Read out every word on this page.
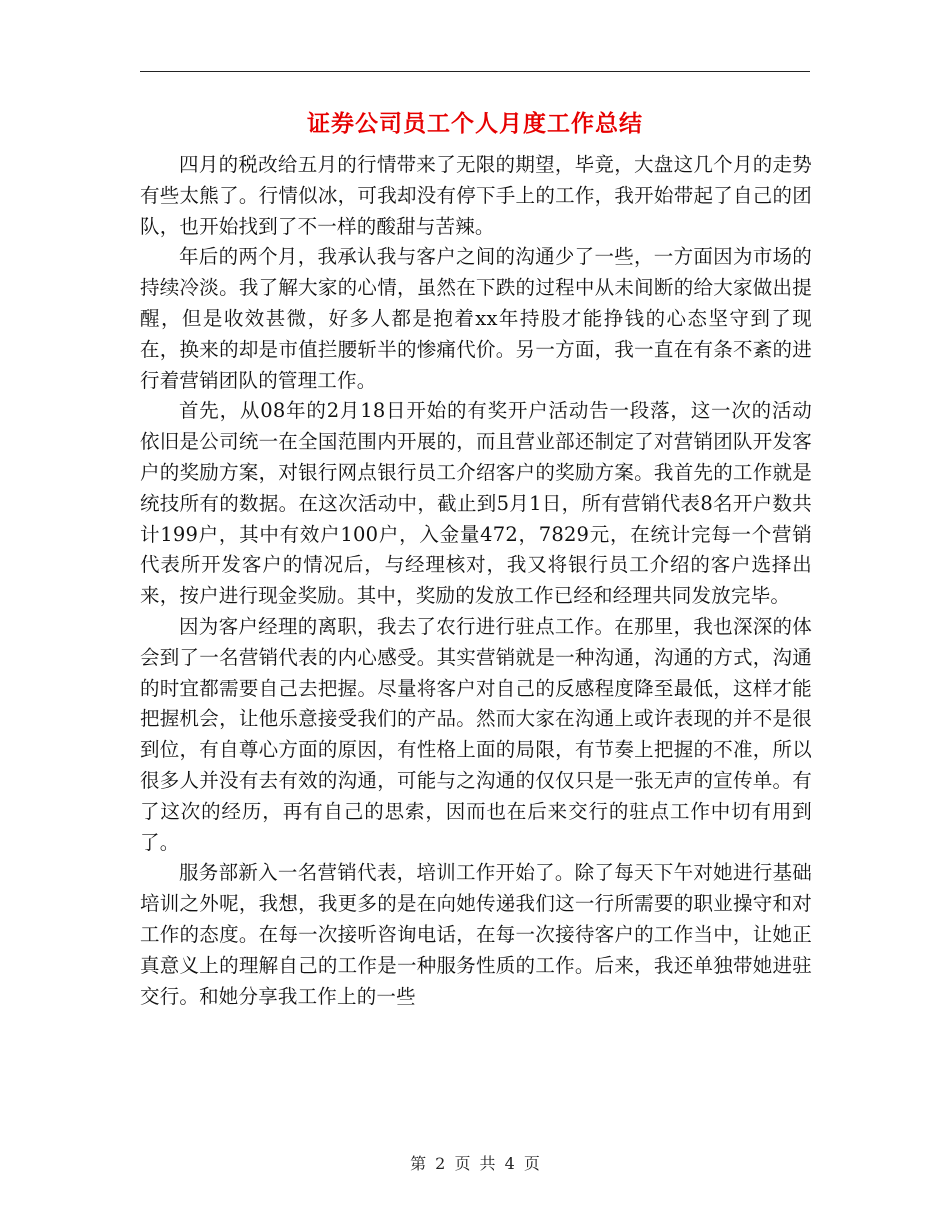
证券公司员工个人月度工作总结

四月的税改给五月的行情带来了无限的期望，毕竟，大盘这几个月的走势有些太熊了。行情似冰，可我却没有停下手上的工作，我开始带起了自己的团队，也开始找到了不一样的酸甜与苦辣。

年后的两个月，我承认我与客户之间的沟通少了一些，一方面因为市场的持续冷淡。我了解大家的心情，虽然在下跌的过程中从未间断的给大家做出提醒，但是收效甚微，好多人都是抱着xx年持股才能挣钱的心态坚守到了现在，换来的却是市值拦腰斩半的惨痛代价。另一方面，我一直在有条不紊的进行着营销团队的管理工作。

首先，从08年的2月18日开始的有奖开户活动告一段落，这一次的活动依旧是公司统一在全国范围内开展的，而且营业部还制定了对营销团队开发客户的奖励方案，对银行网点银行员工介绍客户的奖励方案。我首先的工作就是统技所有的数据。在这次活动中，截止到5月1日，所有营销代表8名开户数共计199户，其中有效户100户，入金量472，7829元，在统计完每一个营销代表所开发客户的情况后，与经理核对，我又将银行员工介绍的客户选择出来，按户进行现金奖励。其中，奖励的发放工作已经和经理共同发放完毕。

因为客户经理的离职，我去了农行进行驻点工作。在那里，我也深深的体会到了一名营销代表的内心感受。其实营销就是一种沟通，沟通的方式，沟通的时宜都需要自己去把握。尽量将客户对自己的反感程度降至最低，这样才能把握机会，让他乐意接受我们的产品。然而大家在沟通上或许表现的并不是很到位，有自尊心方面的原因，有性格上面的局限，有节奏上把握的不准，所以很多人并没有去有效的沟通，可能与之沟通的仅仅只是一张无声的宣传单。有了这次的经历，再有自己的思索，因而也在后来交行的驻点工作中切有用到了。

服务部新入一名营销代表，培训工作开始了。除了每天下午对她进行基础培训之外呢，我想，我更多的是在向她传递我们这一行所需要的职业操守和对工作的态度。在每一次接听咨询电话，在每一次接待客户的工作当中，让她正真意义上的理解自己的工作是一种服务性质的工作。后来，我还单独带她进驻交行。和她分享我工作上的一些

第 2 页 共 4 页
